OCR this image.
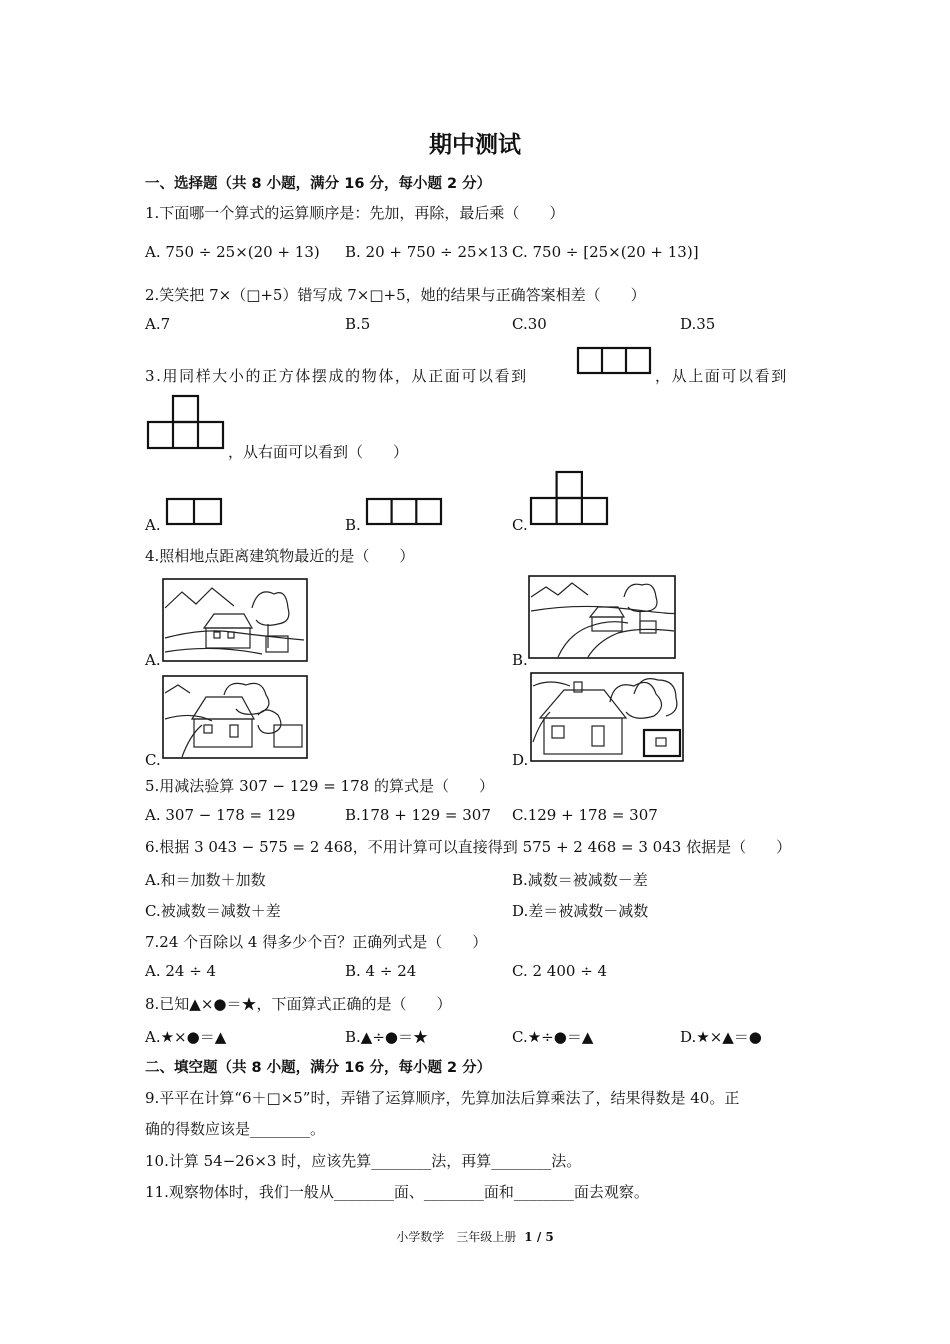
期中测试
一、选择题（共 8 小题，满分 16 分，每小题 2 分）
1.下面哪一个算式的运算顺序是：先加，再除，最后乘（　　）
A. 750 ÷ 25×(20 + 13) B. 20 + 750 ÷ 25×13 C. 750 ÷ [25×(20 + 13)]
2.笑笑把 7×（□+5）错写成 7×□+5，她的结果与正确答案相差（　　）
A.7	B.5	C.30	D.35
3.用同样大小的正方体摆成的物体，从正面可以看到	，从上面可以看到
，从右面可以看到（　　）
A.	B.	C.
4.照相地点距离建筑物最近的是（　　）
A.	B.
C.	D.
5.用减法验算 307 − 129 = 178 的算式是（　　）
A. 307 − 178 = 129	B.178 + 129 = 307 C.129 + 178 = 307
6.根据 3 043 − 575 = 2 468，不用计算可以直接得到 575 + 2 468 = 3 043 依据是（　　）
A.和＝加数＋加数	B.减数＝被减数－差
C.被减数＝减数＋差	D.差＝被减数－减数
7.24 个百除以 4 得多少个百？正确列式是（　　）
A. 24 ÷ 4	B. 4 ÷ 24	C. 2 400 ÷ 4
8.已知▲×●＝★，下面算式正确的是（　　）
A.★×●＝▲	B.▲÷●＝★	C.★÷●＝▲	D.★×▲＝●
二、填空题（共 8 小题，满分 16 分，每小题 2 分）
9.平平在计算“6＋□×5”时，弄错了运算顺序，先算加法后算乘法了，结果得数是 40。正
确的得数应该是________。
10.计算 54−26×3 时，应该先算________法，再算________法。
11.观察物体时，我们一般从________面、________面和________面去观察。
小学数学　三年级上册 1 / 5
